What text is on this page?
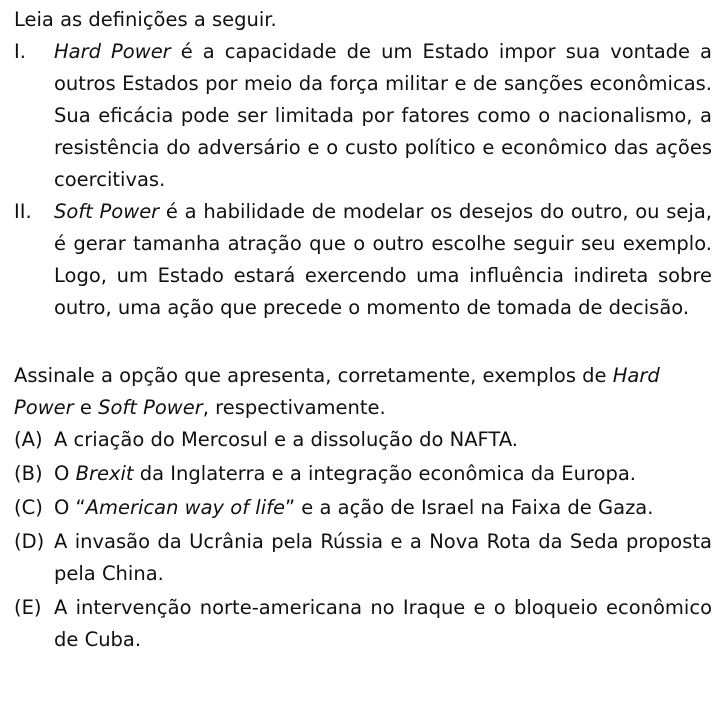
Leia as definições a seguir.

I.	Hard Power é a capacidade de um Estado impor sua vontade a outros Estados por meio da força militar e de sanções econômicas. Sua eficácia pode ser limitada por fatores como o nacionalismo, a resistência do adversário e o custo político e econômico das ações coercitivas.
II.	Soft Power é a habilidade de modelar os desejos do outro, ou seja, é gerar tamanha atração que o outro escolhe seguir seu exemplo. Logo, um Estado estará exercendo uma influência indireta sobre outro, uma ação que precede o momento de tomada de decisão.

Assinale a opção que apresenta, corretamente, exemplos de Hard Power e Soft Power, respectivamente.

(A) A criação do Mercosul e a dissolução do NAFTA.
(B) O Brexit da Inglaterra e a integração econômica da Europa.
(C) O “American way of life” e a ação de Israel na Faixa de Gaza.
(D) A invasão da Ucrânia pela Rússia e a Nova Rota da Seda proposta pela China.
(E) A intervenção norte-americana no Iraque e o bloqueio econômico de Cuba.
